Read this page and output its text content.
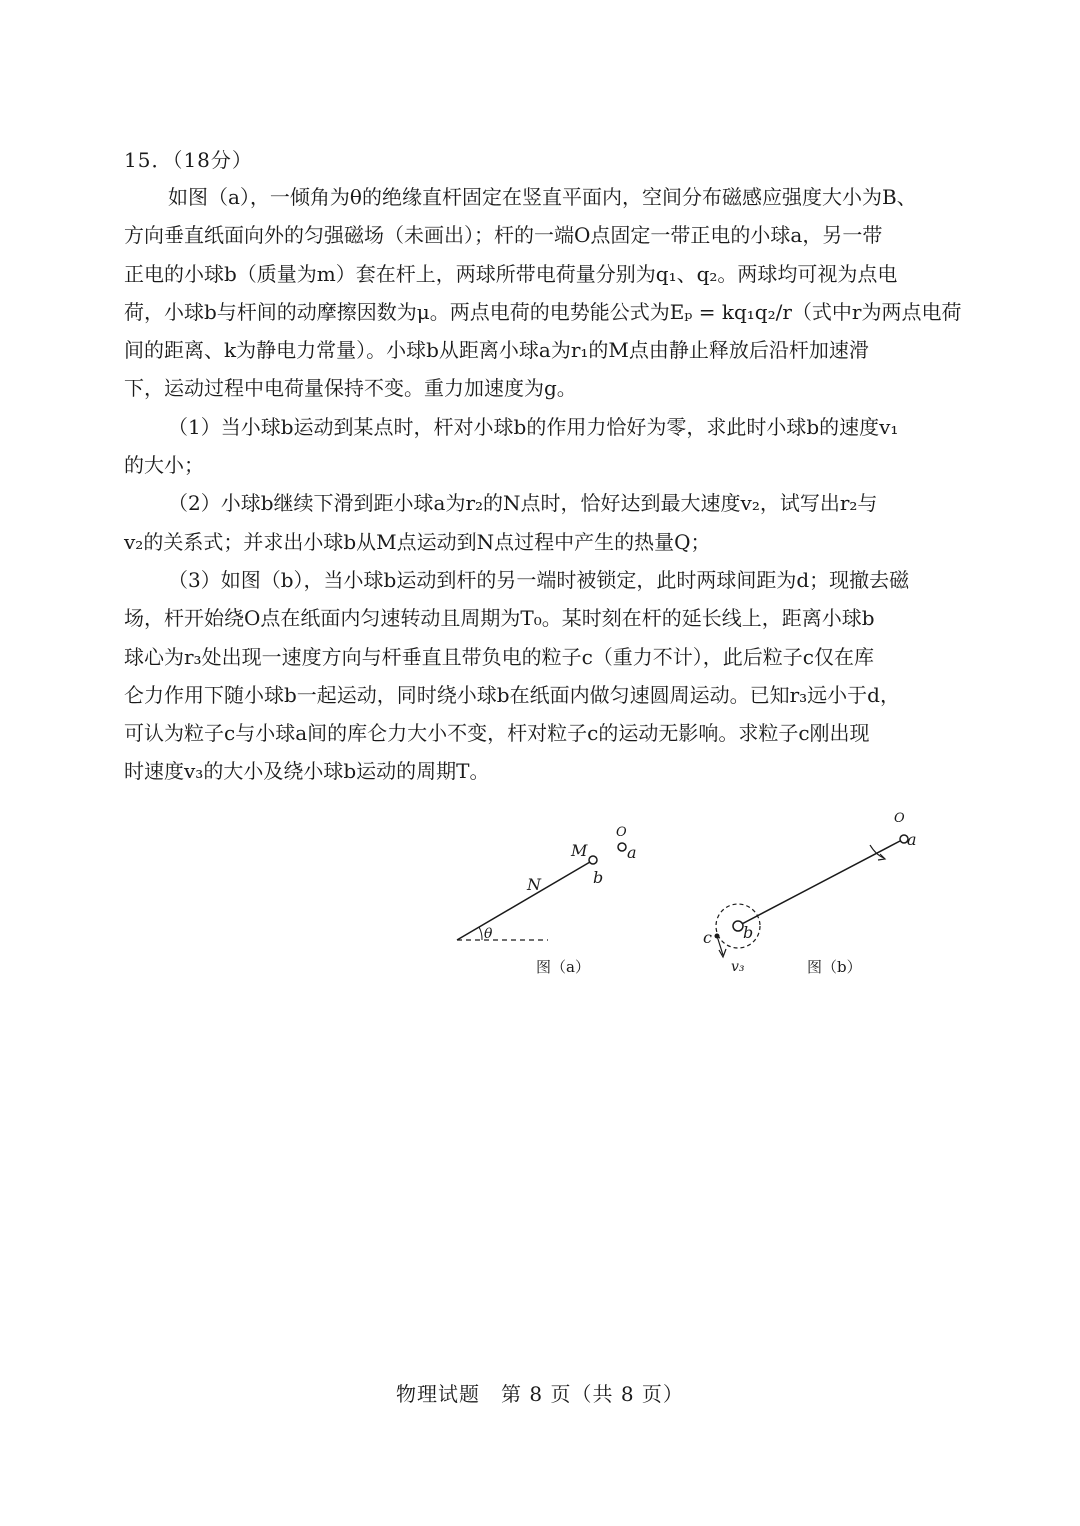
15．（18分）
如图（a），一倾角为θ的绝缘直杆固定在竖直平面内，空间分布磁感应强度大小为B、
方向垂直纸面向外的匀强磁场（未画出）；杆的一端O点固定一带正电的小球a，另一带
正电的小球b（质量为m）套在杆上，两球所带电荷量分别为q₁、q₂。两球均可视为点电
荷，小球b与杆间的动摩擦因数为μ。两点电荷的电势能公式为Eₚ = kq₁q₂/r（式中r为两点电荷
间的距离、k为静电力常量）。小球b从距离小球a为r₁的M点由静止释放后沿杆加速滑
下，运动过程中电荷量保持不变。重力加速度为g。
（1）当小球b运动到某点时，杆对小球b的作用力恰好为零，求此时小球b的速度v₁
的大小；
（2）小球b继续下滑到距小球a为r₂的N点时，恰好达到最大速度v₂，试写出r₂与
v₂的关系式；并求出小球b从M点运动到N点过程中产生的热量Q；
（3）如图（b），当小球b运动到杆的另一端时被锁定，此时两球间距为d；现撤去磁
场，杆开始绕O点在纸面内匀速转动且周期为T₀。某时刻在杆的延长线上，距离小球b
球心为r₃处出现一速度方向与杆垂直且带负电的粒子c（重力不计），此后粒子c仅在库
仑力作用下随小球b一起运动，同时绕小球b在纸面内做匀速圆周运动。已知r₃远小于d，
可认为粒子c与小球a间的库仑力大小不变，杆对粒子c的运动无影响。求粒子c刚出现
时速度v₃的大小及绕小球b运动的周期T。
O
a
M
b
N
θ
图（a）
O
a
b
c
v₃	图（b）
物理试题　第 8 页（共 8 页）
